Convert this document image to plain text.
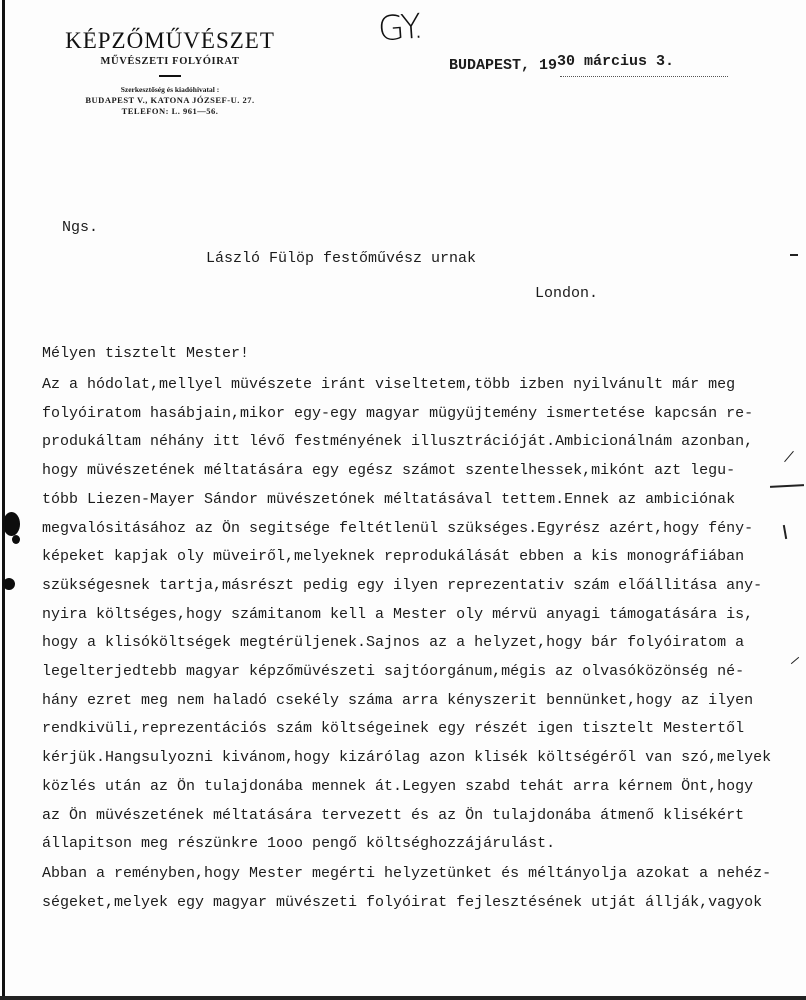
KÉPZŐMŰVÉSZET
MŰVÉSZETI FOLYÓIRAT
Szerkesztőség és kiadóhivatal :
BUDAPEST V., KATONA JÓZSEF-U. 27.
TELEFON: L. 961—56.
GY.
BUDAPEST, 1930 március 3.
Ngs.
László Fülöp festőművész urnak
London.
Mélyen tisztelt Mester!
Az a hódolat,mellyel müvészete iránt viseltetem,több izben nyilvánult már meg
folyóiratom hasábjain,mikor egy-egy magyar mügyüjtemény ismertetése kapcsán re-
produkáltam néhány itt lévő festményének illusztrációját.Ambicionálnám azonban,
hogy müvészetének méltatására egy egész számot szentelhessek,mikónt azt legu-
tóbb Liezen-Mayer Sándor müvészetónek méltatásával tettem.Ennek az ambiciónak
megvalósitásához az Ön segitsége feltétlenül szükséges.Egyrész azért,hogy fény-
képeket kapjak oly müveiről,melyeknek reprodukálását ebben a kis monográfiában
szükségesnek tartja,másrészt pedig egy ilyen reprezentativ szám előállitása any-
nyira költséges,hogy számitanom kell a Mester oly mérvü anyagi támogatására is,
hogy a klisóköltségek megtérüljenek.Sajnos az a helyzet,hogy bár folyóiratom a
legelterjedtebb magyar képzőmüvészeti sajtóorgánum,mégis az olvasóközönség né-
hány ezret meg nem haladó csekély száma arra kényszerit bennünket,hogy az ilyen
rendkivüli,reprezentációs szám költségeinek egy részét igen tisztelt Mestertől
kérjük.Hangsulyozni kivánom,hogy kizárólag azon klisék költségéről van szó,melyek
közlés után az Ön tulajdonába mennek át.Legyen szabd tehát arra kérnem Önt,hogy
az Ön müvészetének méltatására tervezett és az Ön tulajdonába átmenő klisékért
állapitson meg részünkre 1ooo pengő költséghozzájárulást.
Abban a reményben,hogy Mester megérti helyzetünket és méltányolja azokat a nehéz-
ségeket,melyek egy magyar müvészeti folyóirat fejlesztésének utját állják,vagyok
